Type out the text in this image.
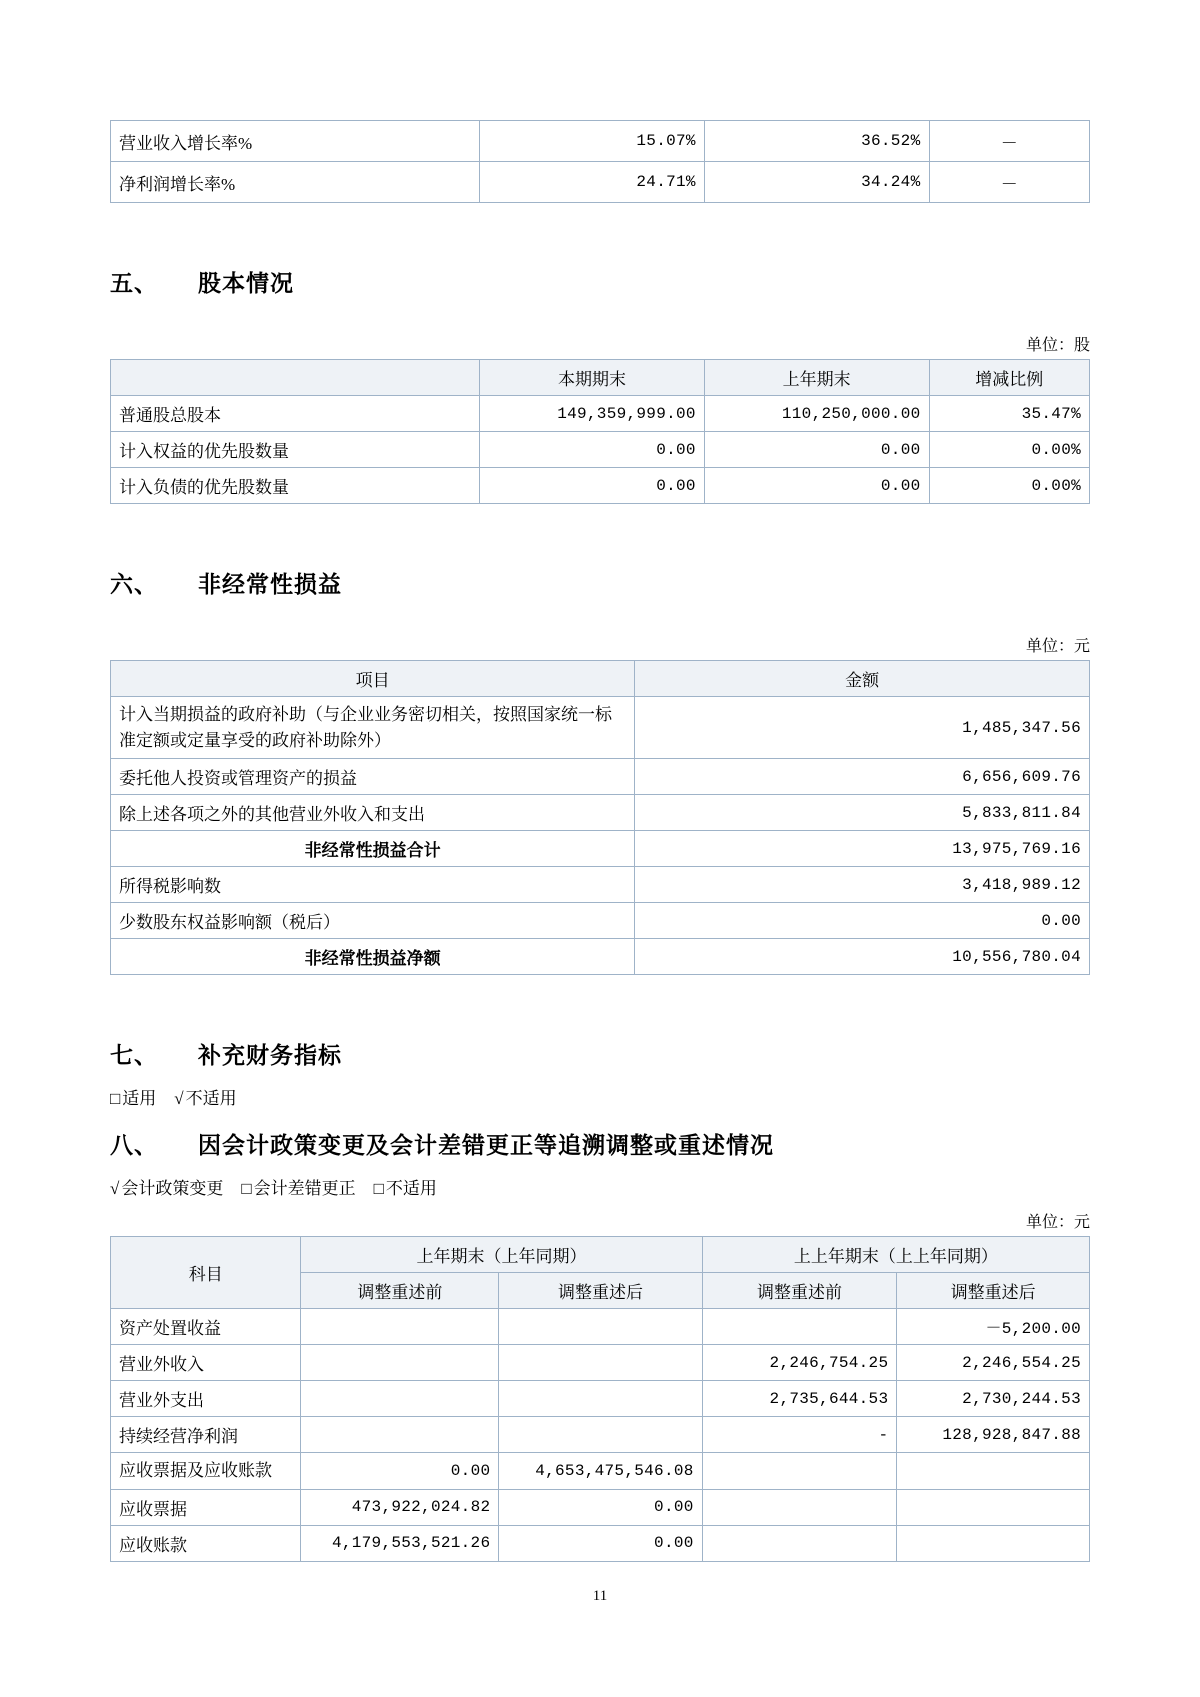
营业收入增长率%	15.07%	36.52%	－
净利润增长率%	24.71%	34.24%	－
五、 股本情况
单位：股
	本期期末	上年期末	增减比例
普通股总股本	149,359,999.00	110,250,000.00	35.47%
计入权益的优先股数量	0.00	0.00	0.00%
计入负债的优先股数量	0.00	0.00	0.00%
六、 非经常性损益
单位：元
项目	金额
计入当期损益的政府补助（与企业业务密切相关，按照国家统一标准定额或定量享受的政府补助除外）	1,485,347.56
委托他人投资或管理资产的损益	6,656,609.76
除上述各项之外的其他营业外收入和支出	5,833,811.84
非经常性损益合计	13,975,769.16
所得税影响数	3,418,989.12
少数股东权益影响额（税后）	0.00
非经常性损益净额	10,556,780.04
七、 补充财务指标
□ 适用 √ 不适用
八、 因会计政策变更及会计差错更正等追溯调整或重述情况
√ 会计政策变更 □ 会计差错更正 □ 不适用
单位：元
科目	上年期末（上年同期）		上上年期末（上上年同期）	
	调整重述前	调整重述后	调整重述前	调整重述后
资产处置收益				－5,200.00
营业外收入			2,246,754.25	2,246,554.25
营业外支出			2,735,644.53	2,730,244.53
持续经营净利润			-	128,928,847.88
应收票据及应收账款	0.00	4,653,475,546.08		
应收票据	473,922,024.82	0.00		
应收账款	4,179,553,521.26	0.00		
11
